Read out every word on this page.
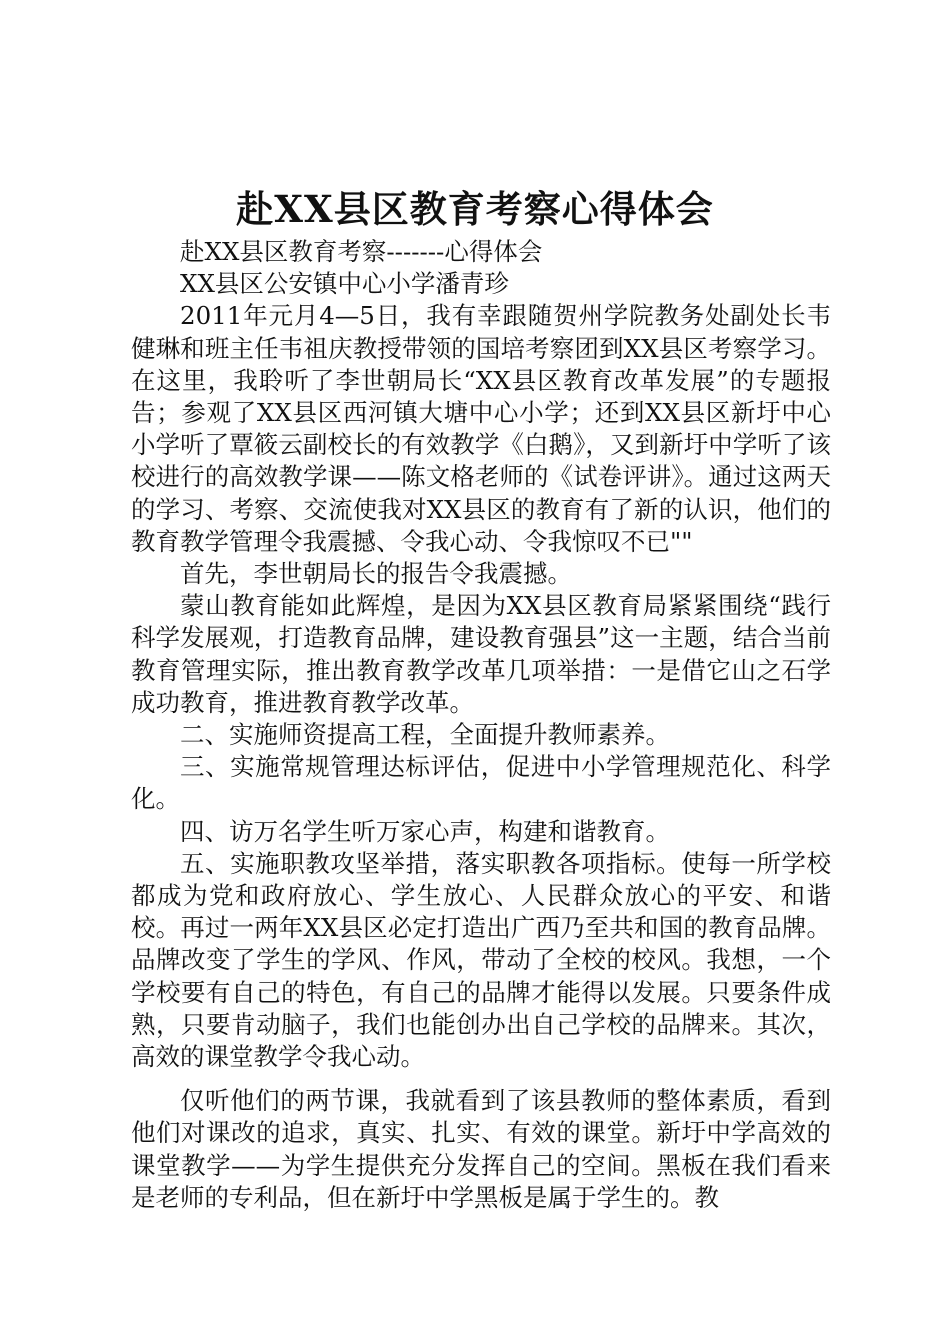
赴XX县区教育考察心得体会

赴XX县区教育考察-------心得体会

XX县区公安镇中心小学潘青珍

2011年元月4—5日，我有幸跟随贺州学院教务处副处长韦健琳和班主任韦祖庆教授带领的国培考察团到XX县区考察学习。在这里，我聆听了李世朝局长“XX县区教育改革发展”的专题报告；参观了XX县区西河镇大塘中心小学；还到XX县区新圩中心小学听了覃筱云副校长的有效教学《白鹅》，又到新圩中学听了该校进行的高效教学课——陈文格老师的《试卷评讲》。通过这两天的学习、考察、交流使我对XX县区的教育有了新的认识，他们的教育教学管理令我震撼、令我心动、令我惊叹不已""

首先，李世朝局长的报告令我震撼。

蒙山教育能如此辉煌，是因为XX县区教育局紧紧围绕“践行科学发展观，打造教育品牌，建设教育强县”这一主题，结合当前教育管理实际，推出教育教学改革几项举措：一是借它山之石学成功教育，推进教育教学改革。

二、实施师资提高工程，全面提升教师素养。

三、实施常规管理达标评估，促进中小学管理规范化、科学化。

四、访万名学生听万家心声，构建和谐教育。

五、实施职教攻坚举措，落实职教各项指标。使每一所学校都成为党和政府放心、学生放心、人民群众放心的平安、和谐校。再过一两年XX县区必定打造出广西乃至共和国的教育品牌。品牌改变了学生的学风、作风，带动了全校的校风。我想，一个学校要有自己的特色，有自己的品牌才能得以发展。只要条件成熟，只要肯动脑子，我们也能创办出自己学校的品牌来。其次，高效的课堂教学令我心动。

仅听他们的两节课，我就看到了该县教师的整体素质，看到他们对课改的追求，真实、扎实、有效的课堂。新圩中学高效的课堂教学——为学生提供充分发挥自己的空间。黑板在我们看来是老师的专利品，但在新圩中学黑板是属于学生的。教
